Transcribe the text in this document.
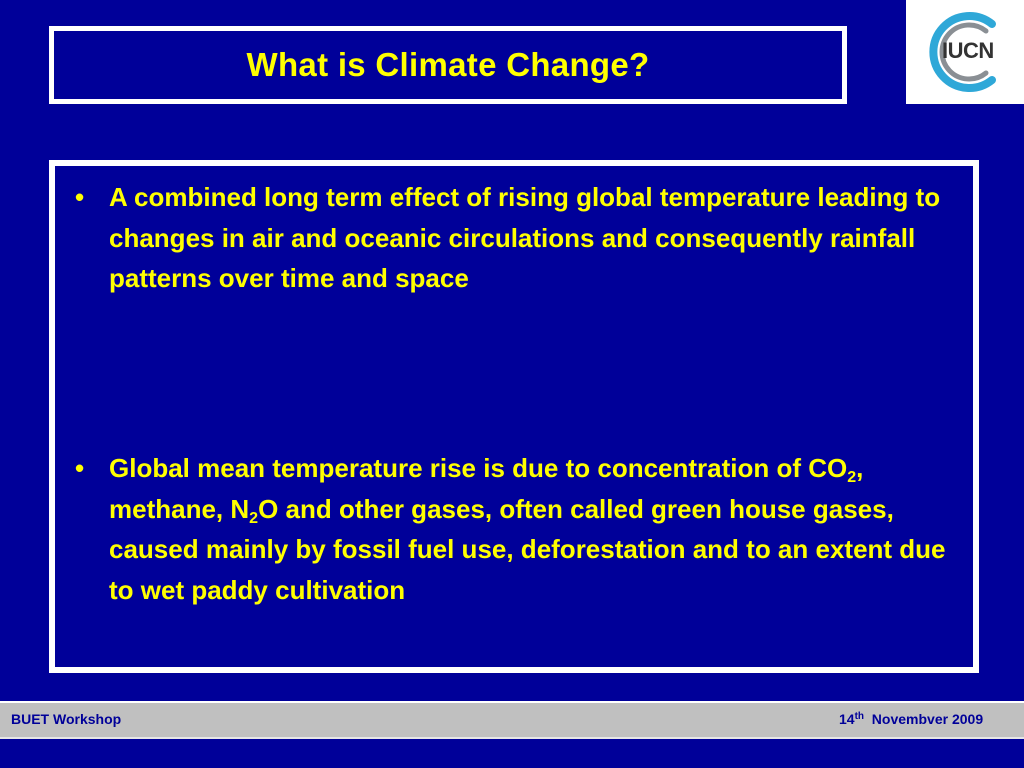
What is Climate Change?	IUCN
• A combined long term effect of rising global temperature leading to changes in air and oceanic circulations and consequently rainfall patterns over time and space
• Global mean temperature rise is due to concentration of $CO_2$, methane, $N_2O$ and other gases, often called green house gases, caused mainly by fossil fuel use, deforestation and to an extent due to wet paddy cultivation
BUET Workshop	14th  Novembver 2009
